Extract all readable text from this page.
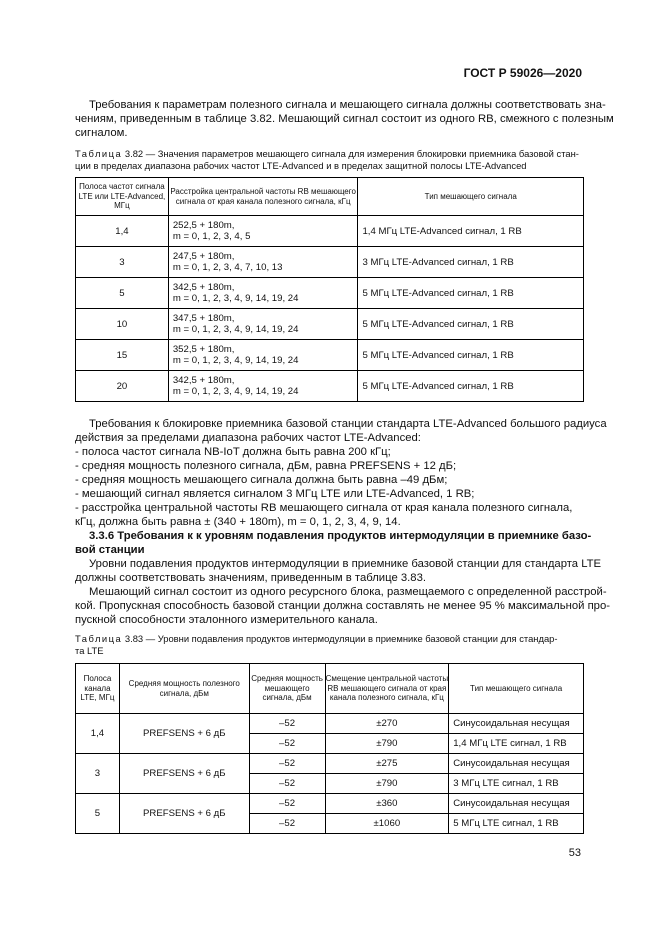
ГОСТ Р 59026—2020
Требования к параметрам полезного сигнала и мешающего сигнала должны соответствовать зна-
чениям, приведенным в таблице 3.82. Мешающий сигнал состоит из одного RB, смежного с полезным
сигналом.
Таблица 3.82 — Значения параметров мешающего сигнала для измерения блокировки приемника базовой стан-
ции в пределах диапазона рабочих частот LTE-Advanced и в пределах защитной полосы LTE-Advanced
Полоса частот сигнала LTE или LTE-Advanced, МГц	Расстройка центральной частоты RB мешающего сигнала от края канала полезного сигнала, кГц	Тип мешающего сигнала
1,4	252,5 + 180m,
m = 0, 1, 2, 3, 4, 5	1,4 МГц LTE-Advanced сигнал, 1 RB
3	247,5 + 180m,
m = 0, 1, 2, 3, 4, 7, 10, 13	3 МГц LTE-Advanced сигнал, 1 RB
5	342,5 + 180m,
m = 0, 1, 2, 3, 4, 9, 14, 19, 24	5 МГц LTE-Advanced сигнал, 1 RB
10	347,5 + 180m,
m = 0, 1, 2, 3, 4, 9, 14, 19, 24	5 МГц LTE-Advanced сигнал, 1 RB
15	352,5 + 180m,
m = 0, 1, 2, 3, 4, 9, 14, 19, 24	5 МГц LTE-Advanced сигнал, 1 RB
20	342,5 + 180m,
m = 0, 1, 2, 3, 4, 9, 14, 19, 24	5 МГц LTE-Advanced сигнал, 1 RB
Требования к блокировке приемника базовой станции стандарта LTE-Advanced большого радиуса
действия за пределами диапазона рабочих частот LTE-Advanced:
- полоса частот сигнала NB-IoT должна быть равна 200 кГц;
- средняя мощность полезного сигнала, дБм, равна PREFSENS + 12 дБ;
- средняя мощность мешающего сигнала должна быть равна –49 дБм;
- мешающий сигнал является сигналом 3 МГц LTE или LTE-Advanced, 1 RB;
- расстройка центральной частоты RB мешающего сигнала от края канала полезного сигнала,
кГц, должна быть равна ± (340 + 180m), m = 0, 1, 2, 3, 4, 9, 14.
3.3.6 Требования к к уровням подавления продуктов интермодуляции в приемнике базо-
вой станции
Уровни подавления продуктов интермодуляции в приемнике базовой станции для стандарта LTE
должны соответствовать значениям, приведенным в таблице 3.83.
Мешающий сигнал состоит из одного ресурсного блока, размещаемого с определенной расстрой-
кой. Пропускная способность базовой станции должна составлять не менее 95 % максимальной про-
пускной способности эталонного измерительного канала.
Таблица 3.83 — Уровни подавления продуктов интермодуляции в приемнике базовой станции для стандар-
та LTE
Полоса канала LTE, МГц	Средняя мощность полезного сигнала, дБм	Средняя мощность мешающего сигнала, дБм	Смещение центральной частоты RB мешающего сигнала от края канала полезного сигнала, кГц	Тип мешающего сигнала
1,4	PREFSENS + 6 дБ	–52	±270	Синусоидальная несущая
		–52	±790	1,4 МГц LTE сигнал, 1 RB
3	PREFSENS + 6 дБ	–52	±275	Синусоидальная несущая
		–52	±790	3 МГц LTE сигнал, 1 RB
5	PREFSENS + 6 дБ	–52	±360	Синусоидальная несущая
		–52	±1060	5 МГц LTE сигнал, 1 RB
53
